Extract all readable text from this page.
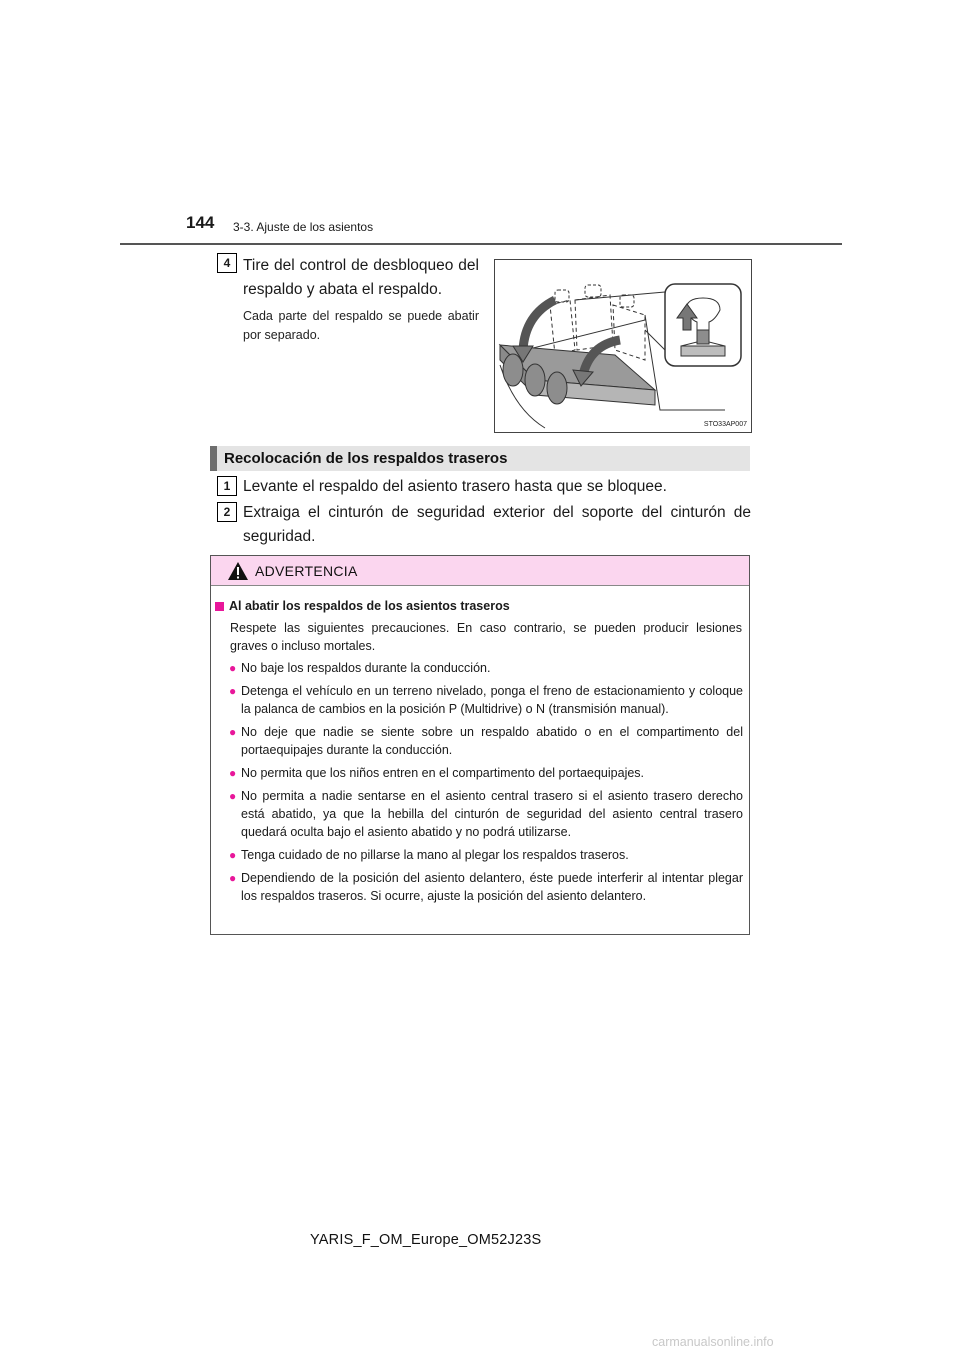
144 3-3. Ajuste de los asientos
4 Tire del control de desbloqueo del respaldo y abata el respaldo.
Cada parte del respaldo se puede abatir por separado.
STO33AP007
Recolocación de los respaldos traseros
1 Levante el respaldo del asiento trasero hasta que se bloquee.
2 Extraiga el cinturón de seguridad exterior del soporte del cinturón de seguridad.
ADVERTENCIA
Al abatir los respaldos de los asientos traseros
Respete las siguientes precauciones. En caso contrario, se pueden producir lesiones graves o incluso mortales.
● No baje los respaldos durante la conducción.
● Detenga el vehículo en un terreno nivelado, ponga el freno de estacionamiento y coloque la palanca de cambios en la posición P (Multidrive) o N (transmisión manual).
● No deje que nadie se siente sobre un respaldo abatido o en el compartimento del portaequipajes durante la conducción.
● No permita que los niños entren en el compartimento del portaequipajes.
● No permita a nadie sentarse en el asiento central trasero si el asiento trasero derecho está abatido, ya que la hebilla del cinturón de seguridad del asiento central trasero quedará oculta bajo el asiento abatido y no podrá utilizarse.
● Tenga cuidado de no pillarse la mano al plegar los respaldos traseros.
● Dependiendo de la posición del asiento delantero, éste puede interferir al intentar plegar los respaldos traseros. Si ocurre, ajuste la posición del asiento delantero.
YARIS_F_OM_Europe_OM52J23S
carmanualsonline.info
